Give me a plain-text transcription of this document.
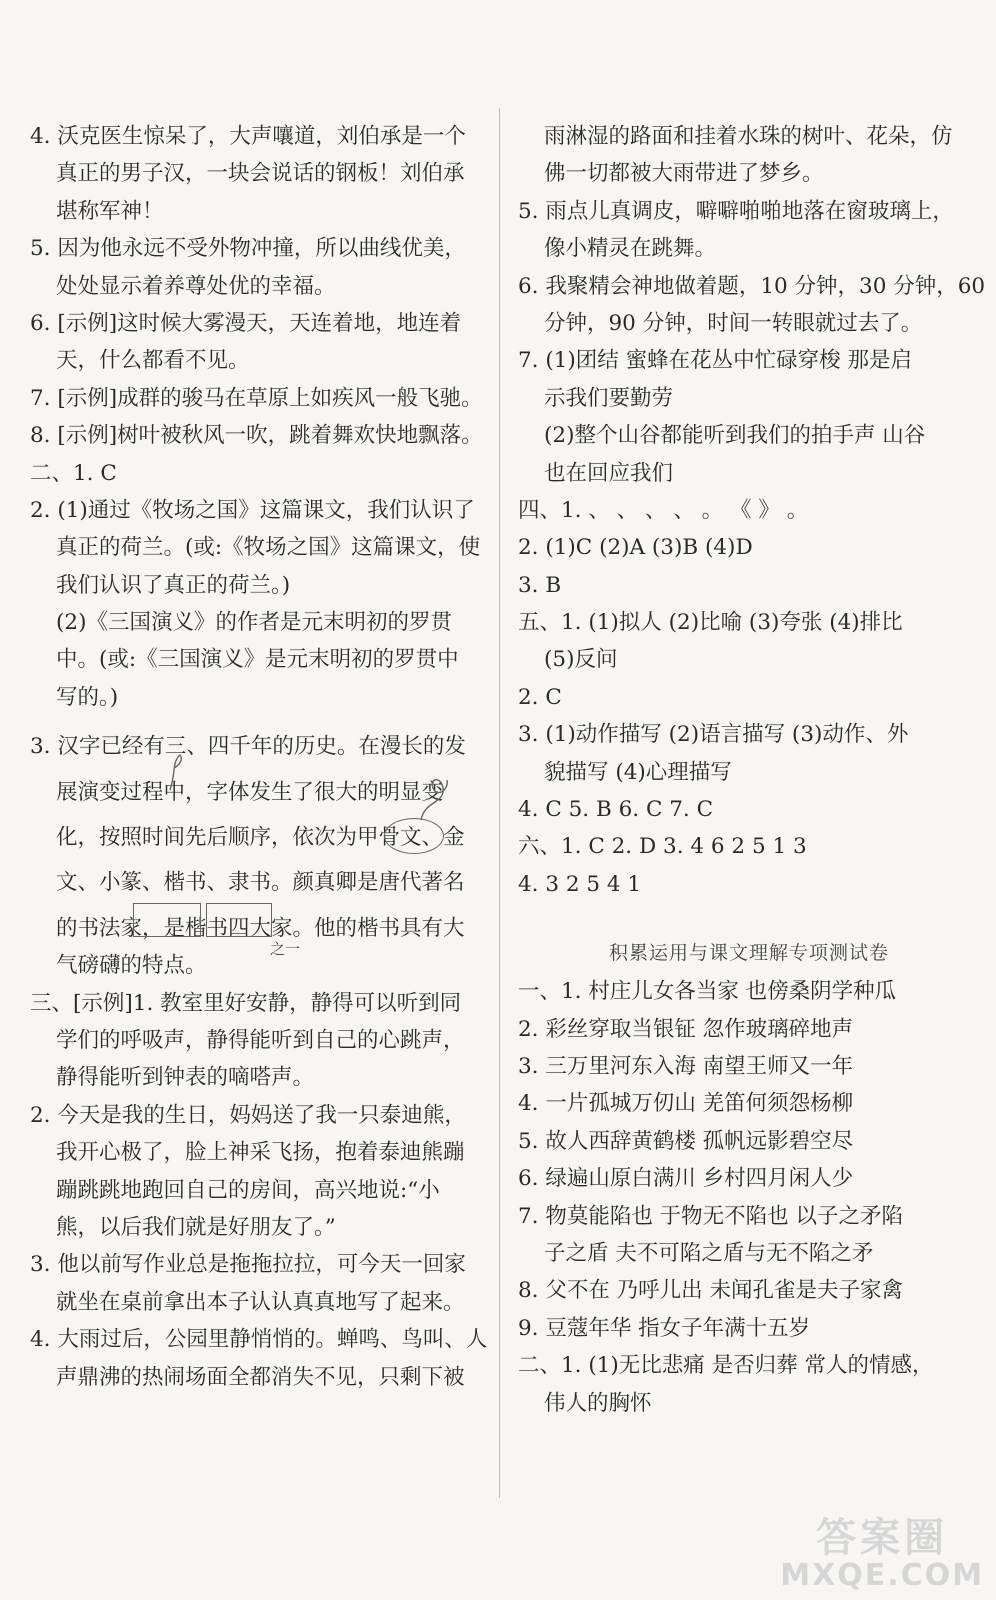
4. 沃克医生惊呆了，大声嚷道，刘伯承是一个
真正的男子汉，一块会说话的钢板！刘伯承
堪称军神！
5. 因为他永远不受外物冲撞，所以曲线优美，
处处显示着养尊处优的幸福。
6. [示例]这时候大雾漫天，天连着地，地连着
天，什么都看不见。
7. [示例]成群的骏马在草原上如疾风一般飞驰。
8. [示例]树叶被秋风一吹，跳着舞欢快地飘落。
二、1. C
2. (1)通过《牧场之国》这篇课文，我们认识了
真正的荷兰。(或:《牧场之国》这篇课文，使
我们认识了真正的荷兰。)
(2)《三国演义》的作者是元末明初的罗贯
中。(或:《三国演义》是元末明初的罗贯中
写的。)
3. 汉字已经有三、四千年的历史。在漫长的发
展演变过程中，字体发生了很大的明显变
化，按照时间先后顺序，依次为甲骨文、金
文、小篆、楷书、隶书。颜真卿是唐代著名
的书法家，是楷书四大家。他的楷书具有大
气磅礴的特点。
三、[示例]1. 教室里好安静，静得可以听到同
学们的呼吸声，静得能听到自己的心跳声，
静得能听到钟表的嘀嗒声。
2. 今天是我的生日，妈妈送了我一只泰迪熊，
我开心极了，脸上神采飞扬，抱着泰迪熊蹦
蹦跳跳地跑回自己的房间，高兴地说:“小
熊，以后我们就是好朋友了。”
3. 他以前写作业总是拖拖拉拉，可今天一回家
就坐在桌前拿出本子认认真真地写了起来。
4. 大雨过后，公园里静悄悄的。蝉鸣、鸟叫、人
声鼎沸的热闹场面全都消失不见，只剩下被
之一
雨淋湿的路面和挂着水珠的树叶、花朵，仿
佛一切都被大雨带进了梦乡。
5. 雨点儿真调皮，噼噼啪啪地落在窗玻璃上，
像小精灵在跳舞。
6. 我聚精会神地做着题，10 分钟，30 分钟，60
分钟，90 分钟，时间一转眼就过去了。
7. (1)团结 蜜蜂在花丛中忙碌穿梭 那是启
示我们要勤劳
(2)整个山谷都能听到我们的拍手声 山谷
也在回应我们
四、1. 、 、 、 、 。 《 》 。
2. (1)C (2)A (3)B (4)D
3. B
五、1. (1)拟人 (2)比喻 (3)夸张 (4)排比
(5)反问
2. C
3. (1)动作描写 (2)语言描写 (3)动作、外
貌描写 (4)心理描写
4. C 5. B 6. C 7. C
六、1. C 2. D 3. 4 6 2 5 1 3
4. 3 2 5 4 1
积累运用与课文理解专项测试卷
一、1. 村庄儿女各当家 也傍桑阴学种瓜
2. 彩丝穿取当银钲 忽作玻璃碎地声
3. 三万里河东入海 南望王师又一年
4. 一片孤城万仞山 羌笛何须怨杨柳
5. 故人西辞黄鹤楼 孤帆远影碧空尽
6. 绿遍山原白满川 乡村四月闲人少
7. 物莫能陷也 于物无不陷也 以子之矛陷
子之盾 夫不可陷之盾与无不陷之矛
8. 父不在 乃呼儿出 未闻孔雀是夫子家禽
9. 豆蔻年华 指女子年满十五岁
二、1. (1)无比悲痛 是否归葬 常人的情感，
伟人的胸怀
答案圈
MXQE.COM
